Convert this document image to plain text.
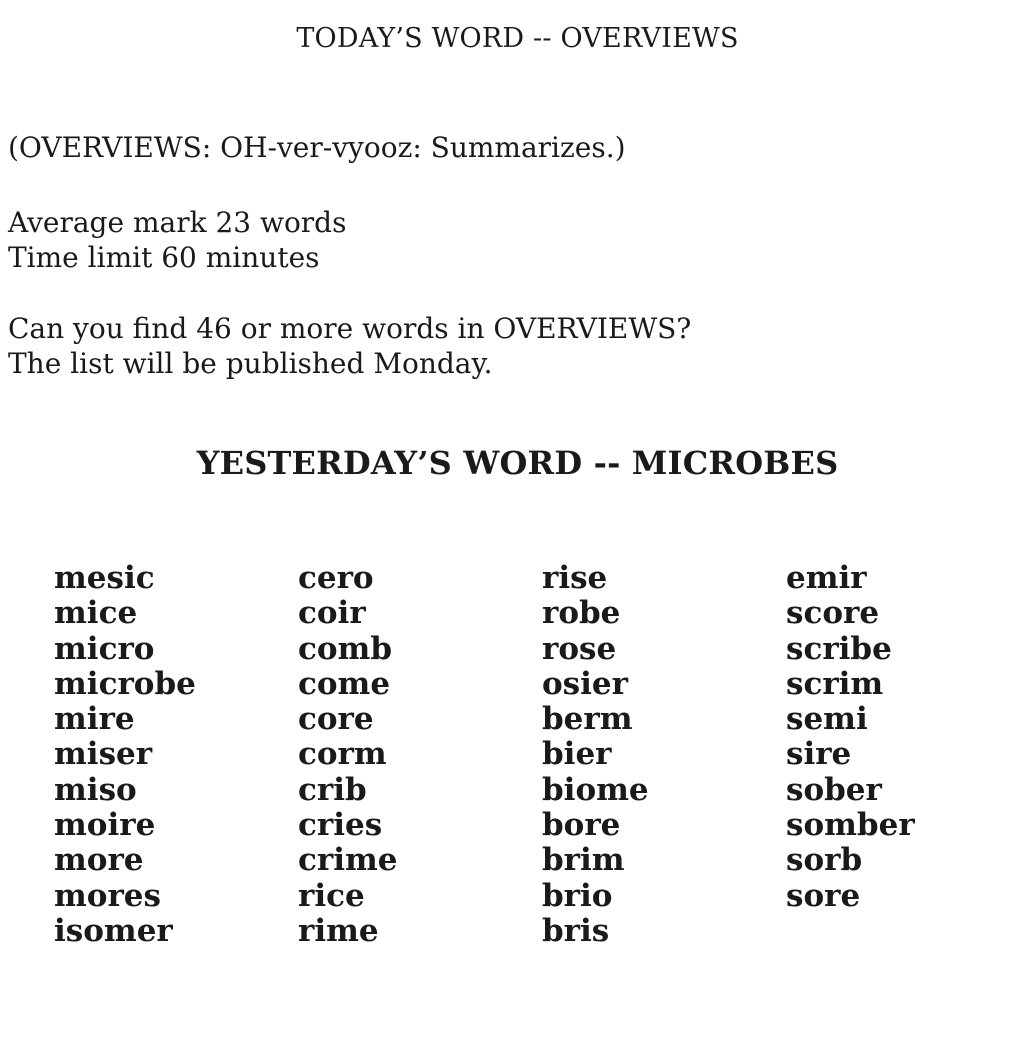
TODAY’S WORD -- OVERVIEWS
(OVERVIEWS: OH-ver-vyooz: Summarizes.)
Average mark 23 words
Time limit 60 minutes
Can you find 46 or more words in OVERVIEWS?
The list will be published Monday.
YESTERDAY’S WORD -- MICROBES
mesic
mice
micro
microbe
mire
miser
miso
moire
more
mores
isomer
cero
coir
comb
come
core
corm
crib
cries
crime
rice
rime
rise
robe
rose
osier
berm
bier
biome
bore
brim
brio
bris
emir
score
scribe
scrim
semi
sire
sober
somber
sorb
sore
